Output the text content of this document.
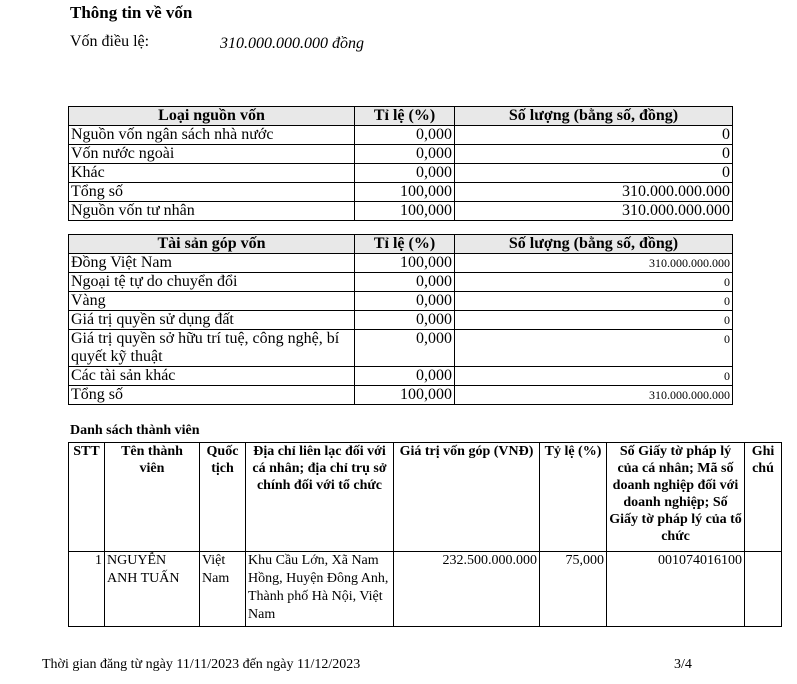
Thông tin về vốn
Vốn điều lệ:	310.000.000.000 đồng
Loại nguồn vốn	Tỉ lệ (%)	Số lượng (bằng số, đồng)
Nguồn vốn ngân sách nhà nước	0,000	0
Vốn nước ngoài	0,000	0
Khác	0,000	0
Tổng số	100,000	310.000.000.000
Nguồn vốn tư nhân	100,000	310.000.000.000
Tài sản góp vốn	Tỉ lệ (%)	Số lượng (bằng số, đồng)
Đồng Việt Nam	100,000	310.000.000.000
Ngoại tệ tự do chuyển đổi	0,000	0
Vàng	0,000	0
Giá trị quyền sử dụng đất	0,000	0
Giá trị quyền sở hữu trí tuệ, công nghệ, bí quyết kỹ thuật	0,000	0
Các tài sản khác	0,000	0
Tổng số	100,000	310.000.000.000
Danh sách thành viên
STT	Tên thành viên	Quốc tịch	Địa chỉ liên lạc đối với cá nhân; địa chỉ trụ sở chính đối với tổ chức	Giá trị vốn góp (VNĐ)	Tỷ lệ (%)	Số Giấy tờ pháp lý của cá nhân; Mã số doanh nghiệp đối với doanh nghiệp; Số Giấy tờ pháp lý của tổ chức	Ghi chú
1	NGUYỄN ANH TUẤN	Việt Nam	Khu Cầu Lớn, Xã Nam Hồng, Huyện Đông Anh, Thành phố Hà Nội, Việt Nam	232.500.000.000	75,000	001074016100	
Thời gian đăng từ ngày 11/11/2023 đến ngày 11/12/2023	3/4
